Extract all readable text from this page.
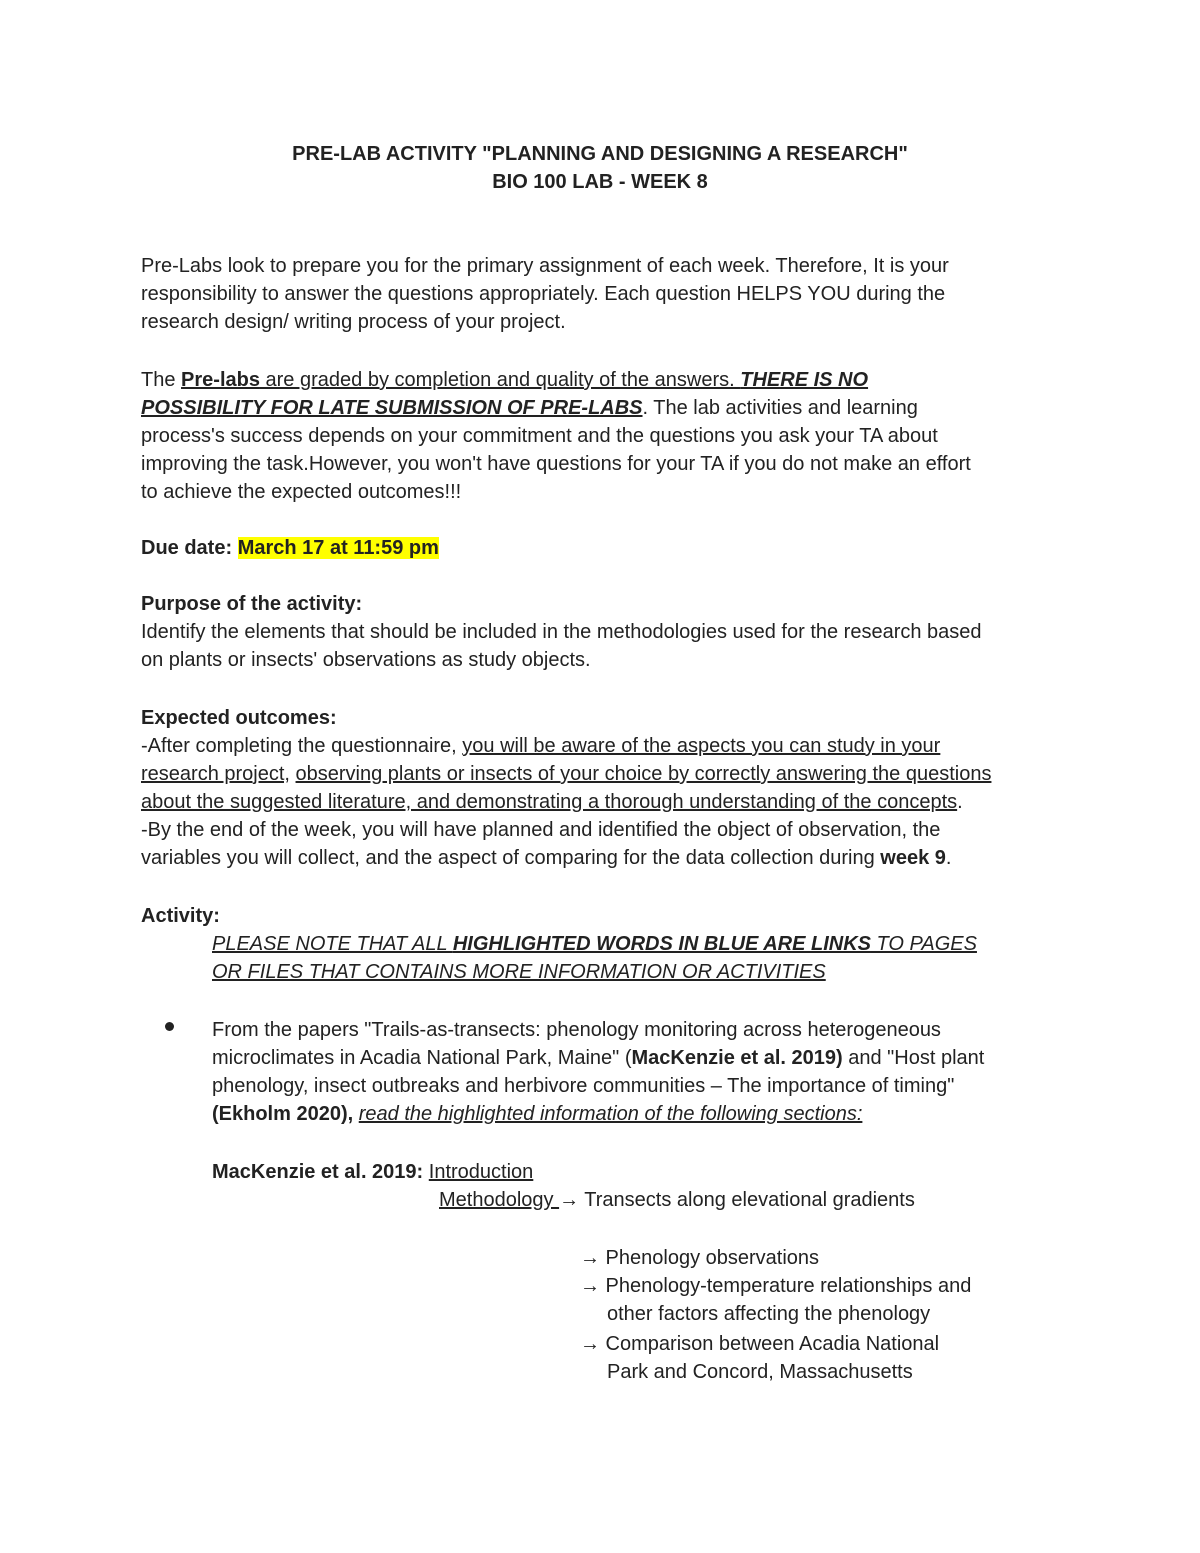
PRE-LAB ACTIVITY "PLANNING AND DESIGNING A RESEARCH"
BIO 100 LAB - WEEK 8
Pre-Labs look to prepare you for the primary assignment of each week. Therefore, It is your
responsibility to answer the questions appropriately. Each question HELPS YOU during the
research design/ writing process of your project.
The Pre-labs are graded by completion and quality of the answers. THERE IS NO
POSSIBILITY FOR LATE SUBMISSION OF PRE-LABS. The lab activities and learning
process's success depends on your commitment and the questions you ask your TA about
improving the task.However, you won't have questions for your TA if you do not make an effort
to achieve the expected outcomes!!!
Due date: March 17 at 11:59 pm
Purpose of the activity:
Identify the elements that should be included in the methodologies used for the research based
on plants or insects' observations as study objects.
Expected outcomes:
-After completing the questionnaire, you will be aware of the aspects you can study in your
research project, observing plants or insects of your choice by correctly answering the questions
about the suggested literature, and demonstrating a thorough understanding of the concepts.
-By the end of the week, you will have planned and identified the object of observation, the
variables you will collect, and the aspect of comparing for the data collection during week 9.
Activity:
PLEASE NOTE THAT ALL HIGHLIGHTED WORDS IN BLUE ARE LINKS TO PAGES
OR FILES THAT CONTAINS MORE INFORMATION OR ACTIVITIES
From the papers "Trails-as-transects: phenology monitoring across heterogeneous
microclimates in Acadia National Park, Maine" (MacKenzie et al. 2019) and "Host plant
phenology, insect outbreaks and herbivore communities – The importance of timing"
(Ekholm 2020), read the highlighted information of the following sections:
MacKenzie et al. 2019: Introduction
Methodology → Transects along elevational gradients
→ Phenology observations
→ Phenology-temperature relationships and
other factors affecting the phenology
→ Comparison between Acadia National
Park and Concord, Massachusetts
